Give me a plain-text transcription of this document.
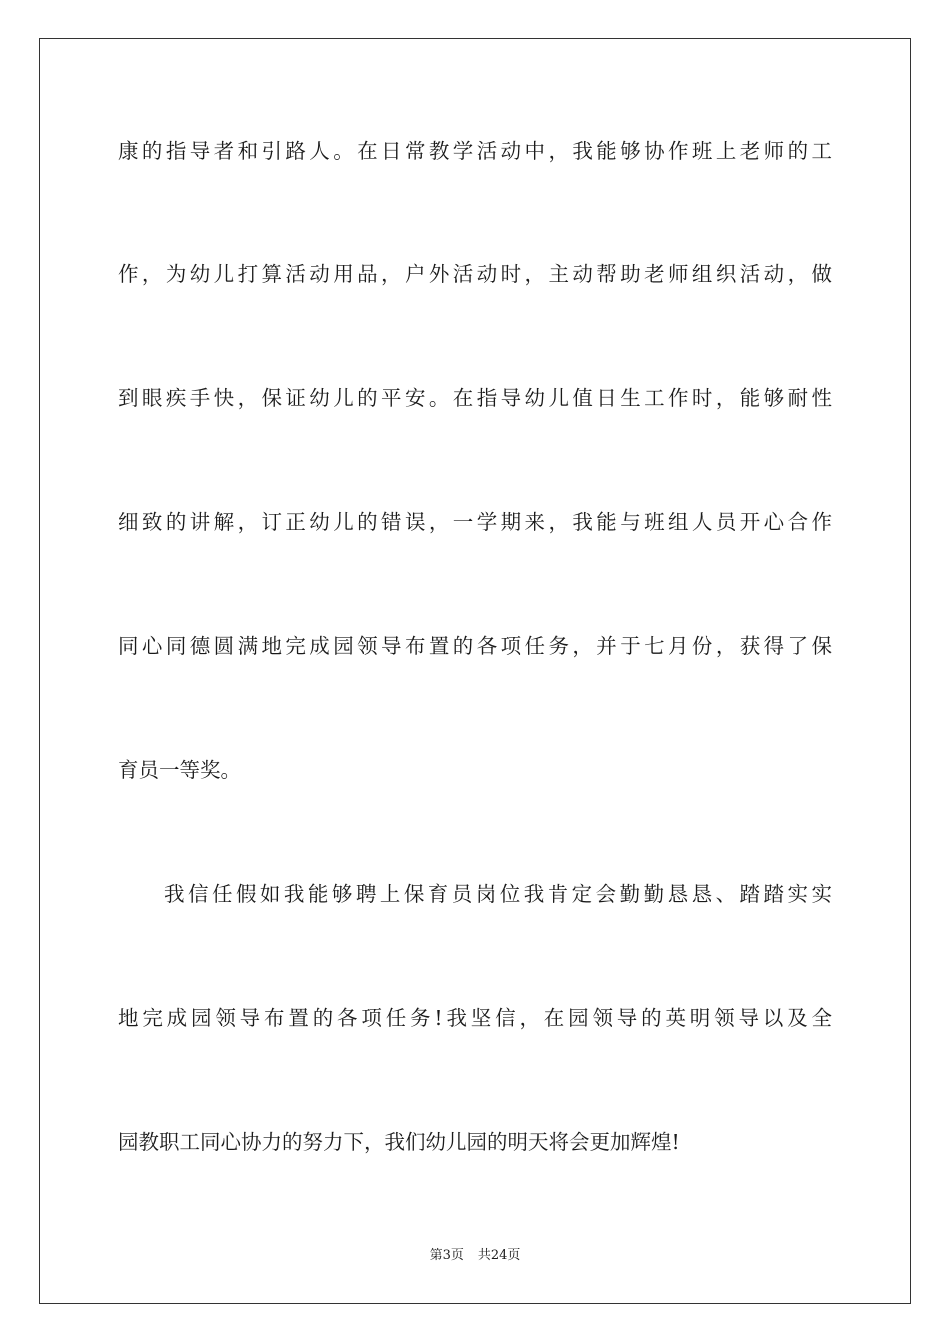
康的指导者和引路人。在日常教学活动中，我能够协作班上老师的工
作，为幼儿打算活动用品，户外活动时，主动帮助老师组织活动，做
到眼疾手快，保证幼儿的平安。在指导幼儿值日生工作时，能够耐性
细致的讲解，订正幼儿的错误，一学期来，我能与班组人员开心合作
同心同德圆满地完成园领导布置的各项任务，并于七月份，获得了保
育员一等奖。
我信任假如我能够聘上保育员岗位我肯定会勤勤恳恳、踏踏实实
地完成园领导布置的各项任务!我坚信，在园领导的英明领导以及全
园教职工同心协力的努力下，我们幼儿园的明天将会更加辉煌!
第3页 共24页
